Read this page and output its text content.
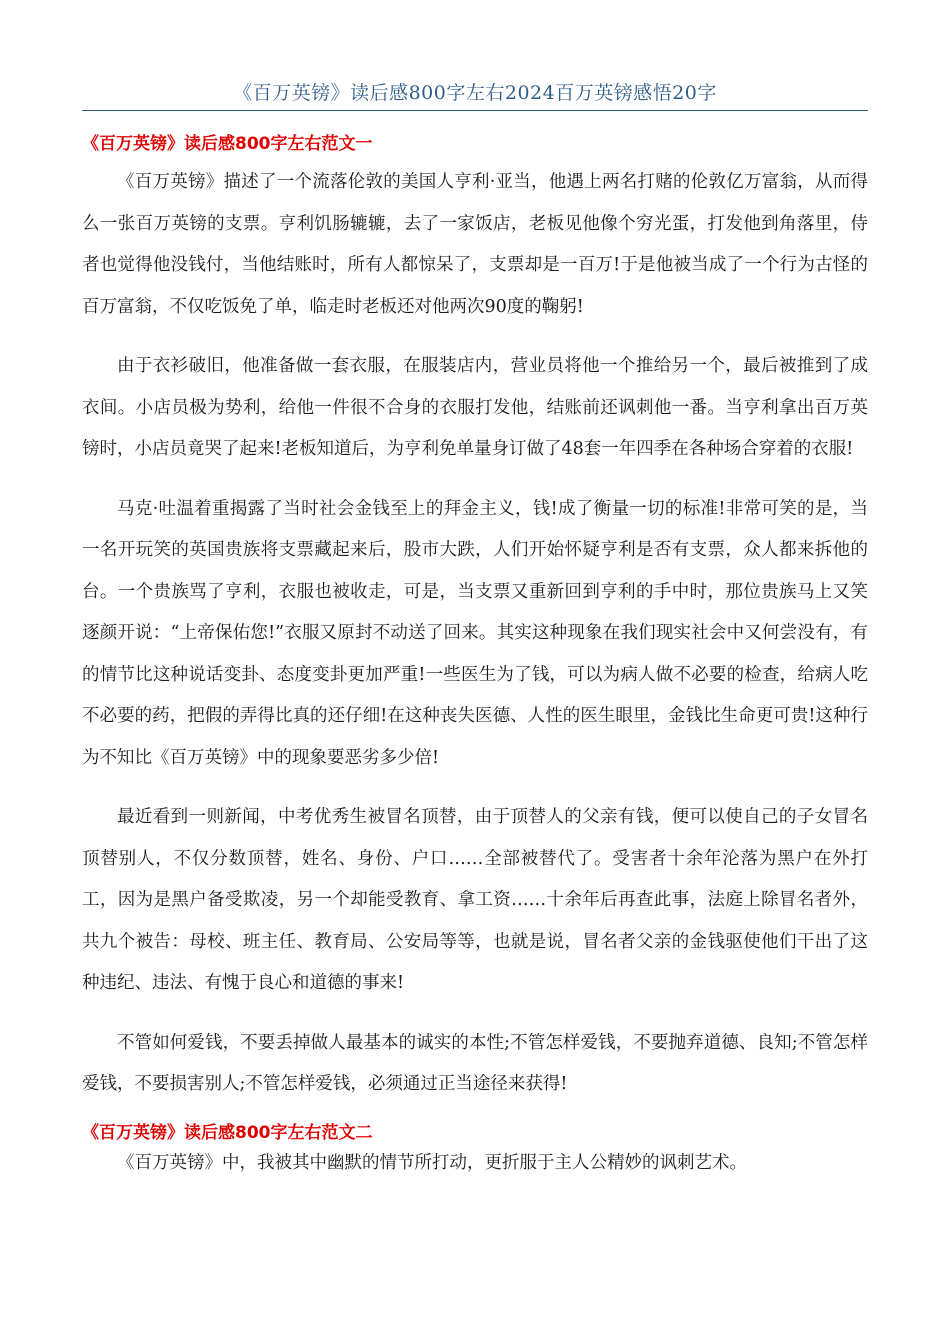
《百万英镑》读后感800字左右2024百万英镑感悟20字
《百万英镑》读后感800字左右范文一

《百万英镑》描述了一个流落伦敦的美国人亨利·亚当，他遇上两名打赌的伦敦亿万富翁，从而得么一张百万英镑的支票。亨利饥肠辘辘，去了一家饭店，老板见他像个穷光蛋，打发他到角落里，侍者也觉得他没钱付，当他结账时，所有人都惊呆了，支票却是一百万!于是他被当成了一个行为古怪的百万富翁，不仅吃饭免了单，临走时老板还对他两次90度的鞠躬!

由于衣衫破旧，他准备做一套衣服，在服装店内，营业员将他一个推给另一个，最后被推到了成衣间。小店员极为势利，给他一件很不合身的衣服打发他，结账前还讽刺他一番。当亨利拿出百万英镑时，小店员竟哭了起来!老板知道后，为亨利免单量身订做了48套一年四季在各种场合穿着的衣服!

马克·吐温着重揭露了当时社会金钱至上的拜金主义，钱!成了衡量一切的标准!非常可笑的是，当一名开玩笑的英国贵族将支票藏起来后，股市大跌，人们开始怀疑亨利是否有支票，众人都来拆他的台。一个贵族骂了亨利，衣服也被收走，可是，当支票又重新回到亨利的手中时，那位贵族马上又笑逐颜开说：“上帝保佑您!”衣服又原封不动送了回来。其实这种现象在我们现实社会中又何尝没有，有的情节比这种说话变卦、态度变卦更加严重!一些医生为了钱，可以为病人做不必要的检查，给病人吃不必要的药，把假的弄得比真的还仔细!在这种丧失医德、人性的医生眼里，金钱比生命更可贵!这种行为不知比《百万英镑》中的现象要恶劣多少倍!

最近看到一则新闻，中考优秀生被冒名顶替，由于顶替人的父亲有钱，便可以使自己的子女冒名顶替别人，不仅分数顶替，姓名、身份、户口……全部被替代了。受害者十余年沦落为黑户在外打工，因为是黑户备受欺凌，另一个却能受教育、拿工资……十余年后再查此事，法庭上除冒名者外，共九个被告：母校、班主任、教育局、公安局等等，也就是说，冒名者父亲的金钱驱使他们干出了这种违纪、违法、有愧于良心和道德的事来!

不管如何爱钱，不要丢掉做人最基本的诚实的本性;不管怎样爱钱，不要抛弃道德、良知;不管怎样爱钱，不要损害别人;不管怎样爱钱，必须通过正当途径来获得!

《百万英镑》读后感800字左右范文二

《百万英镑》中，我被其中幽默的情节所打动，更折服于主人公精妙的讽刺艺术。
